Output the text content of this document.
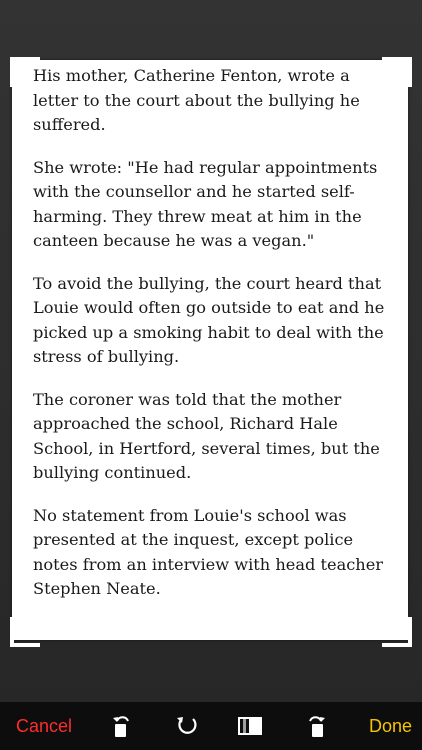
His mother, Catherine Fenton, wrote a letter to the court about the bullying he suffered.

She wrote: "He had regular appointments with the counsellor and he started self-harming. They threw meat at him in the canteen because he was a vegan."

To avoid the bullying, the court heard that Louie would often go outside to eat and he picked up a smoking habit to deal with the stress of bullying.

The coroner was told that the mother approached the school, Richard Hale School, in Hertford, several times, but the bullying continued.

No statement from Louie's school was presented at the inquest, except police notes from an interview with head teacher Stephen Neate.

Cancel	Done
